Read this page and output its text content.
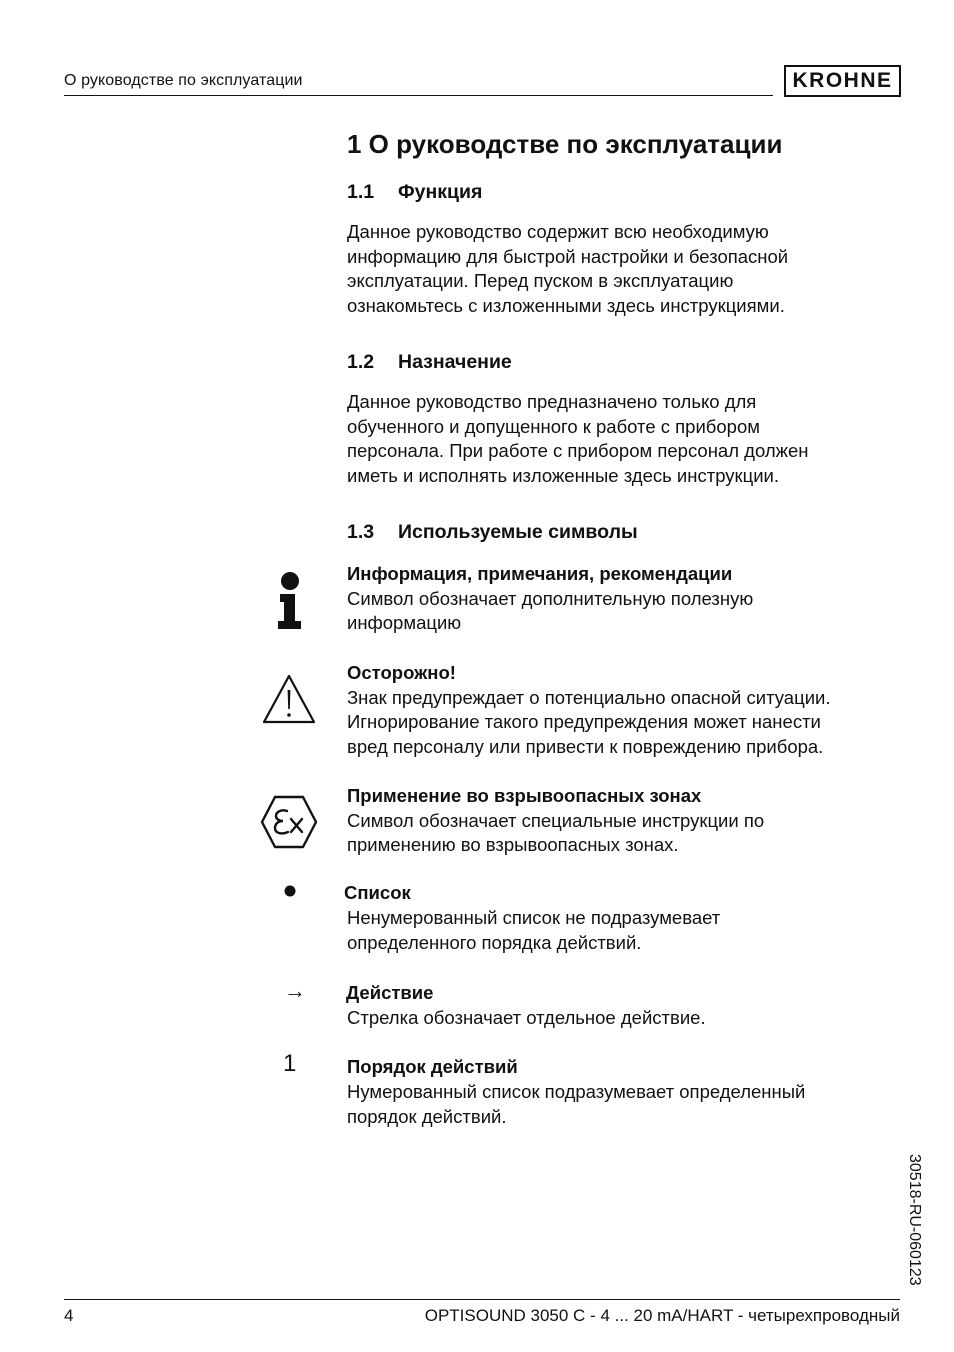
О руководстве по эксплуатации	KROHNE
1 О руководстве по эксплуатации
1.1 Функция
Данное руководство содержит всю необходимую
информацию для быстрой настройки и безопасной
эксплуатации. Перед пуском в эксплуатацию
ознакомьтесь с изложенными здесь инструкциями.
1.2 Назначение
Данное руководство предназначено только для
обученного и допущенного к работе с прибором
персонала. При работе с прибором персонал должен
иметь и исполнять изложенные здесь инструкции.
1.3 Используемые символы
Информация, примечания, рекомендации
Символ обозначает дополнительную полезную
информацию
Осторожно!
Знак предупреждает о потенциально опасной ситуации.
Игнорирование такого предупреждения может нанести
вред персоналу или привести к повреждению прибора.
Применение во взрывоопасных зонах
Символ обозначает специальные инструкции по
применению во взрывоопасных зонах.
Список
Ненумерованный список не подразумевает
определенного порядка действий.
→ Действие
Стрелка обозначает отдельное действие.
1	Порядок действий
Нумерованный список подразумевает определенный
порядок действий.
30518-RU-060123
4	OPTISOUND 3050 C - 4 ... 20 mA/HART - четырехпроводный
